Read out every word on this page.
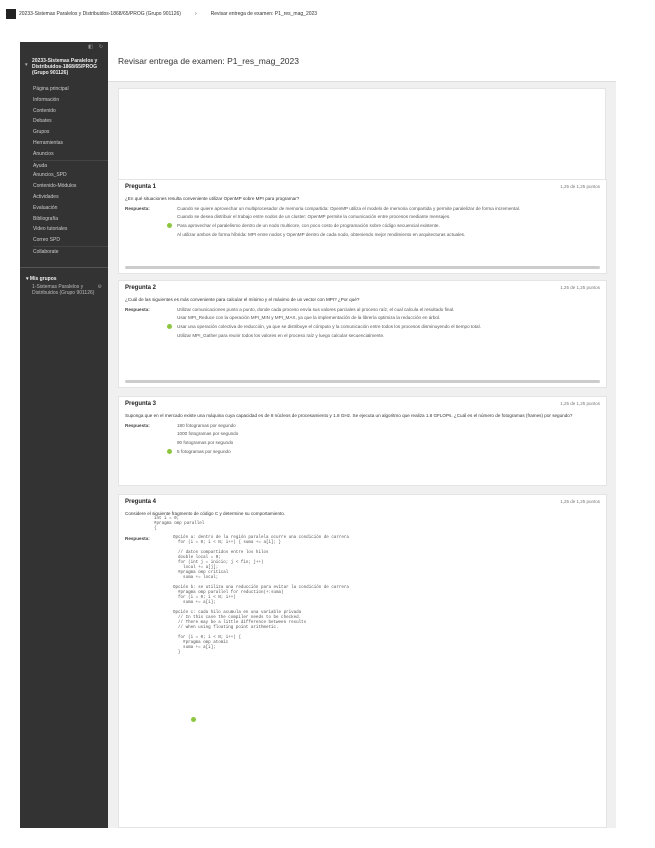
20233-Sistemas Paralelos y Distribuidos-1868/65/PROG (Grupo 901126)	›	Revisar entrega de examen: P1_res_mag_2023
◧ ↻
▾
20233-Sistemas Paralelos y Distribuidos-1868/65/PROG (Grupo 901126)
Página principal
Información
Contenido
Debates
Grupos
Herramientas
Anuncios
Ayuda
Anuncios_SPD
Contenido-Módulos
Actividades
Evaluación
Bibliografía
Video tutoriales
Correo SPD
Collaborate
▾ Mis grupos
1-Sistemas Paralelos y Distribuidos (Grupo 901126)
⚙
Revisar entrega de examen: P1_res_mag_2023
Pregunta 1	1,25 de 1,25 puntos
¿En qué situaciones resulta conveniente utilizar OpenMP sobre MPI para programar?
Respuesta:	Cuando se quiere aprovechar un multiprocesador de memoria compartida: OpenMP utiliza el modelo de memoria compartida y permite paralelizar de forma incremental.
Cuando se desea distribuir el trabajo entre nodos de un cluster: OpenMP permite la comunicación entre procesos mediante mensajes.
Para aprovechar el paralelismo dentro de un nodo multicore, con poco costo de programación sobre código secuencial existente.
Al utilizar ambos de forma híbrida: MPI entre nodos y OpenMP dentro de cada nodo, obteniendo mejor rendimiento en arquitecturas actuales.
Pregunta 2	1,25 de 1,25 puntos
¿Cuál de las siguientes es más conveniente para calcular el mínimo y el máximo de un vector con MPI? ¿Por qué?
Respuesta:	Utilizar comunicaciones punto a punto, donde cada proceso envía sus valores parciales al proceso raíz, el cual calcula el resultado final.
Usar MPI_Reduce con la operación MPI_MIN y MPI_MAX, ya que la implementación de la librería optimiza la reducción en árbol.
Usar una operación colectiva de reducción, ya que se distribuye el cómputo y la comunicación entre todos los procesos disminuyendo el tiempo total.
Utilizar MPI_Gather para reunir todos los valores en el proceso raíz y luego calcular secuencialmente.
Pregunta 3	1,25 de 1,25 puntos
Suponga que en el mercado existe una máquina cuya capacidad es de 8 núcleos de procesamiento y 1.8 GHz. Se ejecuta un algoritmo que realiza 1.8 GFLOPs. ¿Cuál es el número de fotogramas (frames) por segundo?
Respuesta:	180 fotogramas por segundo
1000 fotogramas por segundo
90 fotogramas por segundo
5 fotogramas por segundo
Pregunta 4	1,25 de 1,25 puntos
Considere el siguiente fragmento de código C y determine su comportamiento.
int i = 0;
#pragma omp parallel
{
Respuesta:	Opción a: dentro de la región paralela ocurre una condición de carrera
for (i = 0; i < N; i++) { suma += a[i]; }
// datos compartidos entre los hilos
double local = 0;
for (int j = inicio; j < fin; j++)
local += a[j];
#pragma omp critical
suma += local;
Opción b: se utiliza una reducción para evitar la condición de carrera
#pragma omp parallel for reduction(+:suma)
for (i = 0; i < N; i++)
suma += a[i];
Opción c: cada hilo acumula en una variable privada
// In this case the compiler needs to be checked.
// There may be a little difference between results
// when using floating point arithmetic.
for (i = 0; i < N; i++) {
#pragma omp atomic
suma += a[i];
}
